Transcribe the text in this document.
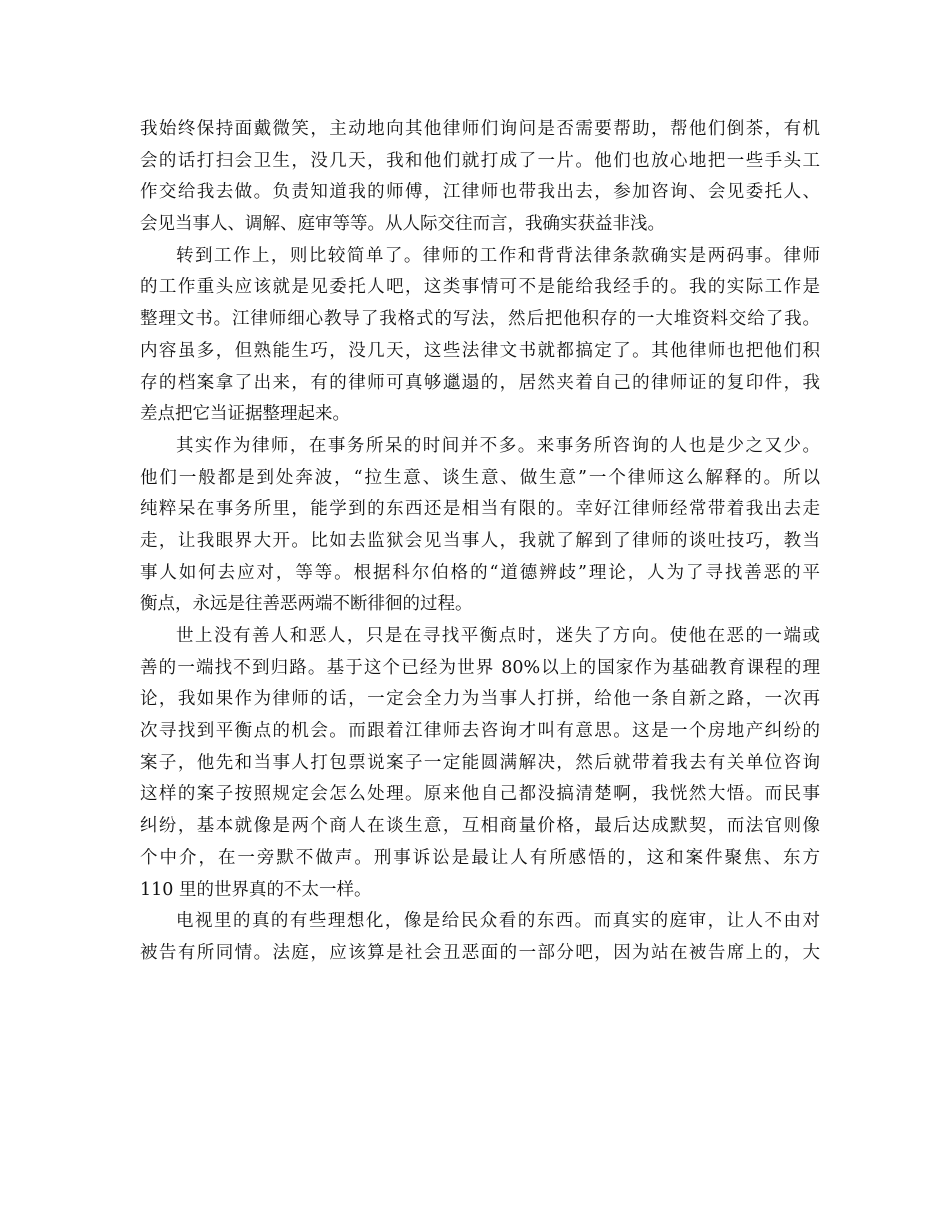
我始终保持面戴微笑，主动地向其他律师们询问是否需要帮助，帮他们倒茶，有机
会的话打扫会卫生，没几天，我和他们就打成了一片。他们也放心地把一些手头工
作交给我去做。负责知道我的师傅，江律师也带我出去，参加咨询、会见委托人、
会见当事人、调解、庭审等等。从人际交往而言，我确实获益非浅。
转到工作上，则比较简单了。律师的工作和背背法律条款确实是两码事。律师
的工作重头应该就是见委托人吧，这类事情可不是能给我经手的。我的实际工作是
整理文书。江律师细心教导了我格式的写法，然后把他积存的一大堆资料交给了我。
内容虽多，但熟能生巧，没几天，这些法律文书就都搞定了。其他律师也把他们积
存的档案拿了出来，有的律师可真够邋遢的，居然夹着自己的律师证的复印件，我
差点把它当证据整理起来。
其实作为律师，在事务所呆的时间并不多。来事务所咨询的人也是少之又少。
他们一般都是到处奔波，“拉生意、谈生意、做生意”一个律师这么解释的。所以
纯粹呆在事务所里，能学到的东西还是相当有限的。幸好江律师经常带着我出去走
走，让我眼界大开。比如去监狱会见当事人，我就了解到了律师的谈吐技巧，教当
事人如何去应对，等等。根据科尔伯格的“道德辨歧”理论，人为了寻找善恶的平
衡点，永远是往善恶两端不断徘徊的过程。
世上没有善人和恶人，只是在寻找平衡点时，迷失了方向。使他在恶的一端或
善的一端找不到归路。基于这个已经为世界 80%以上的国家作为基础教育课程的理
论，我如果作为律师的话，一定会全力为当事人打拼，给他一条自新之路，一次再
次寻找到平衡点的机会。而跟着江律师去咨询才叫有意思。这是一个房地产纠纷的
案子，他先和当事人打包票说案子一定能圆满解决，然后就带着我去有关单位咨询
这样的案子按照规定会怎么处理。原来他自己都没搞清楚啊，我恍然大悟。而民事
纠纷，基本就像是两个商人在谈生意，互相商量价格，最后达成默契，而法官则像
个中介，在一旁默不做声。刑事诉讼是最让人有所感悟的，这和案件聚焦、东方
110 里的世界真的不太一样。
电视里的真的有些理想化，像是给民众看的东西。而真实的庭审，让人不由对
被告有所同情。法庭，应该算是社会丑恶面的一部分吧，因为站在被告席上的，大
